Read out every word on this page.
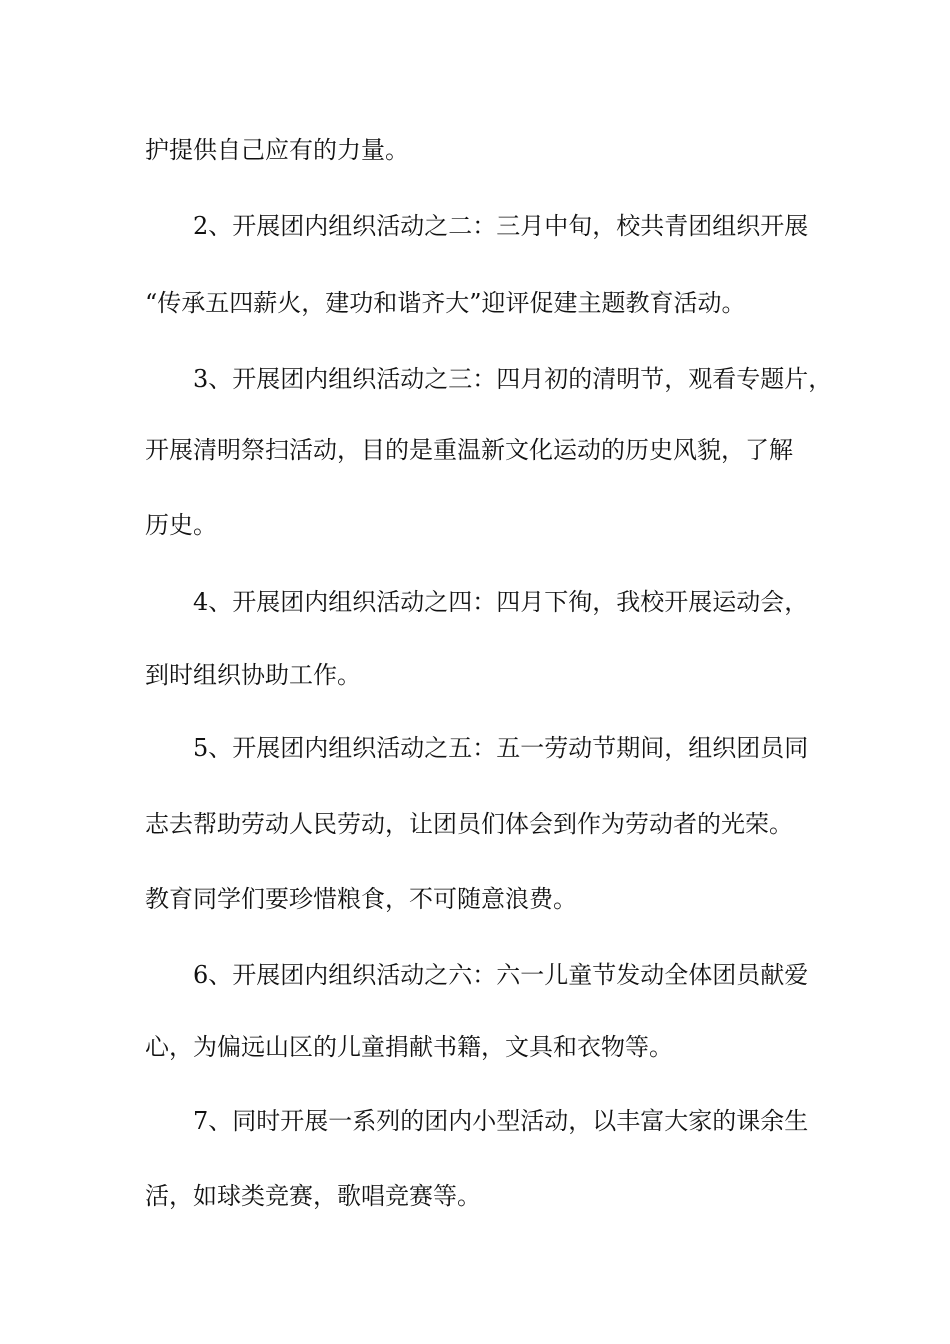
护提供自己应有的力量。
2、开展团内组织活动之二：三月中旬，校共青团组织开展
“传承五四薪火，建功和谐齐大”迎评促建主题教育活动。
3、开展团内组织活动之三：四月初的清明节，观看专题片，
开展清明祭扫活动，目的是重温新文化运动的历史风貌，了解
历史。
4、开展团内组织活动之四：四月下徇，我校开展运动会，
到时组织协助工作。
5、开展团内组织活动之五：五一劳动节期间，组织团员同
志去帮助劳动人民劳动，让团员们体会到作为劳动者的光荣。
教育同学们要珍惜粮食，不可随意浪费。
6、开展团内组织活动之六：六一儿童节发动全体团员献爱
心，为偏远山区的儿童捐献书籍，文具和衣物等。
7、同时开展一系列的团内小型活动，以丰富大家的课余生
活，如球类竞赛，歌唱竞赛等。
